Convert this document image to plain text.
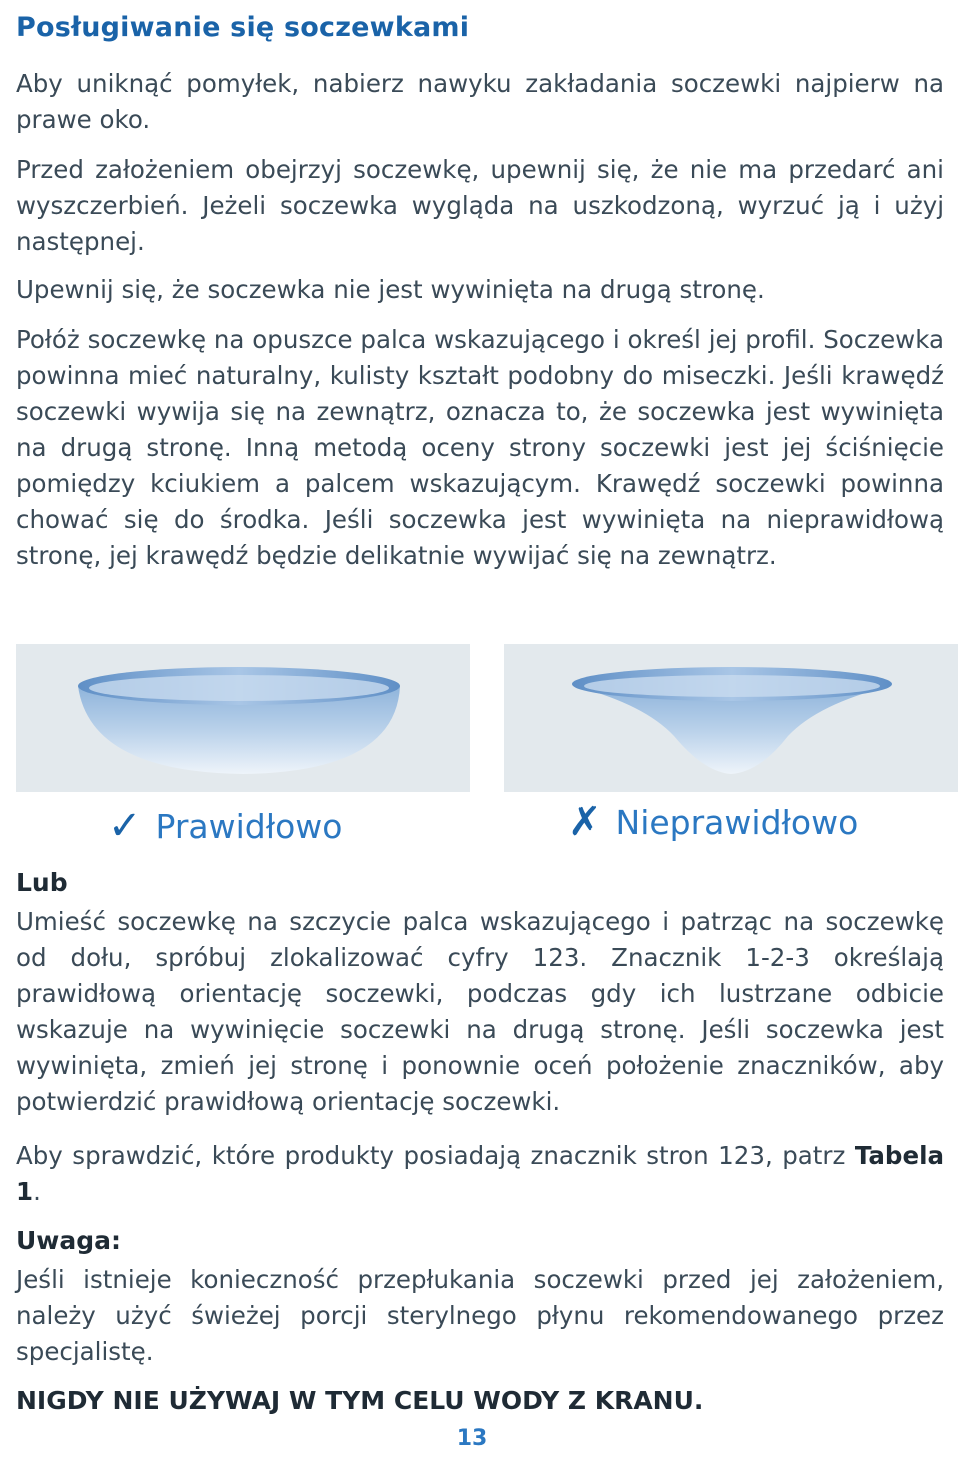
Posługiwanie się soczewkami

Aby uniknąć pomyłek, nabierz nawyku zakładania soczewki najpierw na prawe oko.

Przed założeniem obejrzyj soczewkę, upewnij się, że nie ma przedarć ani wyszczerbień. Jeżeli soczewka wygląda na uszkodzoną, wyrzuć ją i użyj następnej.

Upewnij się, że soczewka nie jest wywinięta na drugą stronę.

Połóż soczewkę na opuszce palca wskazującego i określ jej profil. Soczewka powinna mieć naturalny, kulisty kształt podobny do miseczki. Jeśli krawędź soczewki wywija się na zewnątrz, oznacza to, że soczewka jest wywinięta na drugą stronę. Inną metodą oceny strony soczewki jest jej ściśnięcie pomiędzy kciukiem a palcem wskazującym. Krawędź soczewki powinna chować się do środka. Jeśli soczewka jest wywinięta na nieprawidłową stronę, jej krawędź będzie delikatnie wywijać się na zewnątrz.

✓ Prawidłowo	✗ Nieprawidłowo

Lub

Umieść soczewkę na szczycie palca wskazującego i patrząc na soczewkę od dołu, spróbuj zlokalizować cyfry 123. Znacznik 1-2-3 określają prawidłową orientację soczewki, podczas gdy ich lustrzane odbicie wskazuje na wywinięcie soczewki na drugą stronę. Jeśli soczewka jest wywinięta, zmień jej stronę i ponownie oceń położenie znaczników, aby potwierdzić prawidłową orientację soczewki.

Aby sprawdzić, które produkty posiadają znacznik stron 123, patrz Tabela 1.

Uwaga:

Jeśli istnieje konieczność przepłukania soczewki przed jej założeniem, należy użyć świeżej porcji sterylnego płynu rekomendowanego przez specjalistę.

NIGDY NIE UŻYWAJ W TYM CELU WODY Z KRANU.
13
